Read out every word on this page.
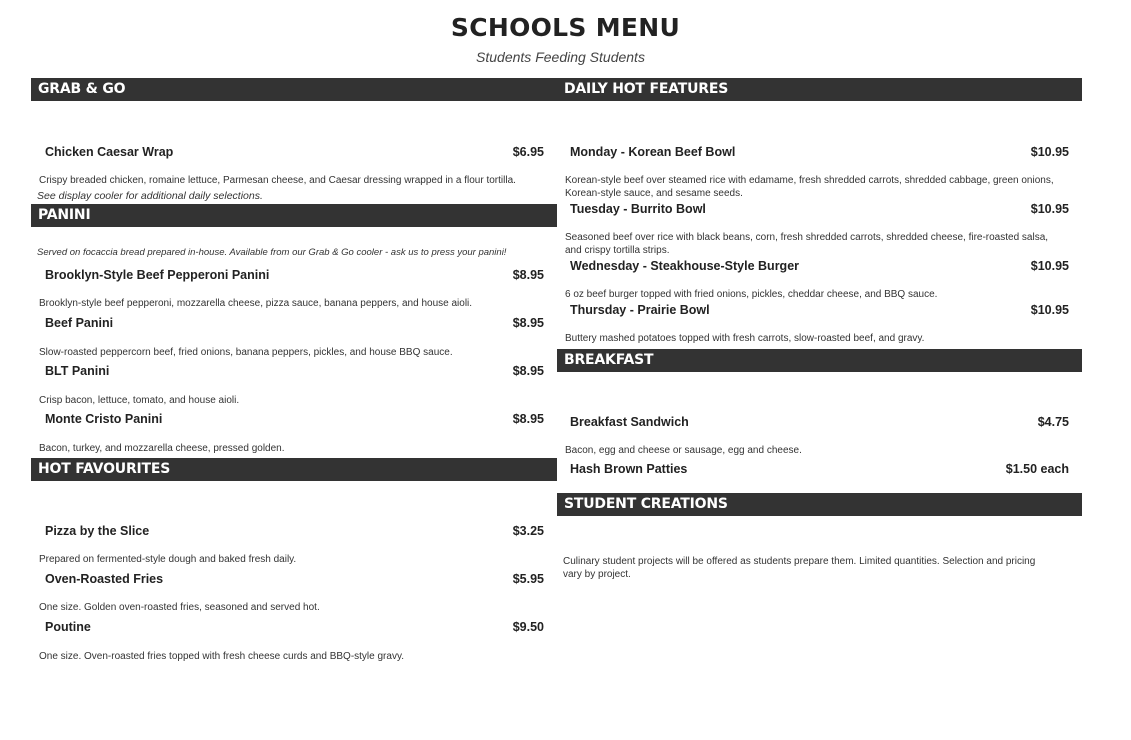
SCHOOLS MENU
Students Feeding Students
GRAB & GO
Chicken Caesar Wrap	$6.95
Crispy breaded chicken, romaine lettuce, Parmesan cheese, and Caesar dressing wrapped in a flour tortilla.
See display cooler for additional daily selections.
PANINI
Served on focaccia bread prepared in-house. Available from our Grab & Go cooler - ask us to press your panini!
Brooklyn-Style Beef Pepperoni Panini	$8.95
Brooklyn-style beef pepperoni, mozzarella cheese, pizza sauce, banana peppers, and house aioli.
Beef Panini	$8.95
Slow-roasted peppercorn beef, fried onions, banana peppers, pickles, and house BBQ sauce.
BLT Panini	$8.95
Crisp bacon, lettuce, tomato, and house aioli.
Monte Cristo Panini	$8.95
Bacon, turkey, and mozzarella cheese, pressed golden.
HOT FAVOURITES
Pizza by the Slice	$3.25
Prepared on fermented-style dough and baked fresh daily.
Oven-Roasted Fries	$5.95
One size. Golden oven-roasted fries, seasoned and served hot.
Poutine	$9.50
One size. Oven-roasted fries topped with fresh cheese curds and BBQ-style gravy.
DAILY HOT FEATURES
Monday - Korean Beef Bowl	$10.95
Korean-style beef over steamed rice with edamame, fresh shredded carrots, shredded cabbage, green onions, Korean-style sauce, and sesame seeds.
Tuesday - Burrito Bowl	$10.95
Seasoned beef over rice with black beans, corn, fresh shredded carrots, shredded cheese, fire-roasted salsa, and crispy tortilla strips.
Wednesday - Steakhouse-Style Burger	$10.95
6 oz beef burger topped with fried onions, pickles, cheddar cheese, and BBQ sauce.
Thursday - Prairie Bowl	$10.95
Buttery mashed potatoes topped with fresh carrots, slow-roasted beef, and gravy.
BREAKFAST
Breakfast Sandwich	$4.75
Bacon, egg and cheese or sausage, egg and cheese.
Hash Brown Patties	$1.50 each
STUDENT CREATIONS
Culinary student projects will be offered as students prepare them. Limited quantities. Selection and pricing vary by project.
